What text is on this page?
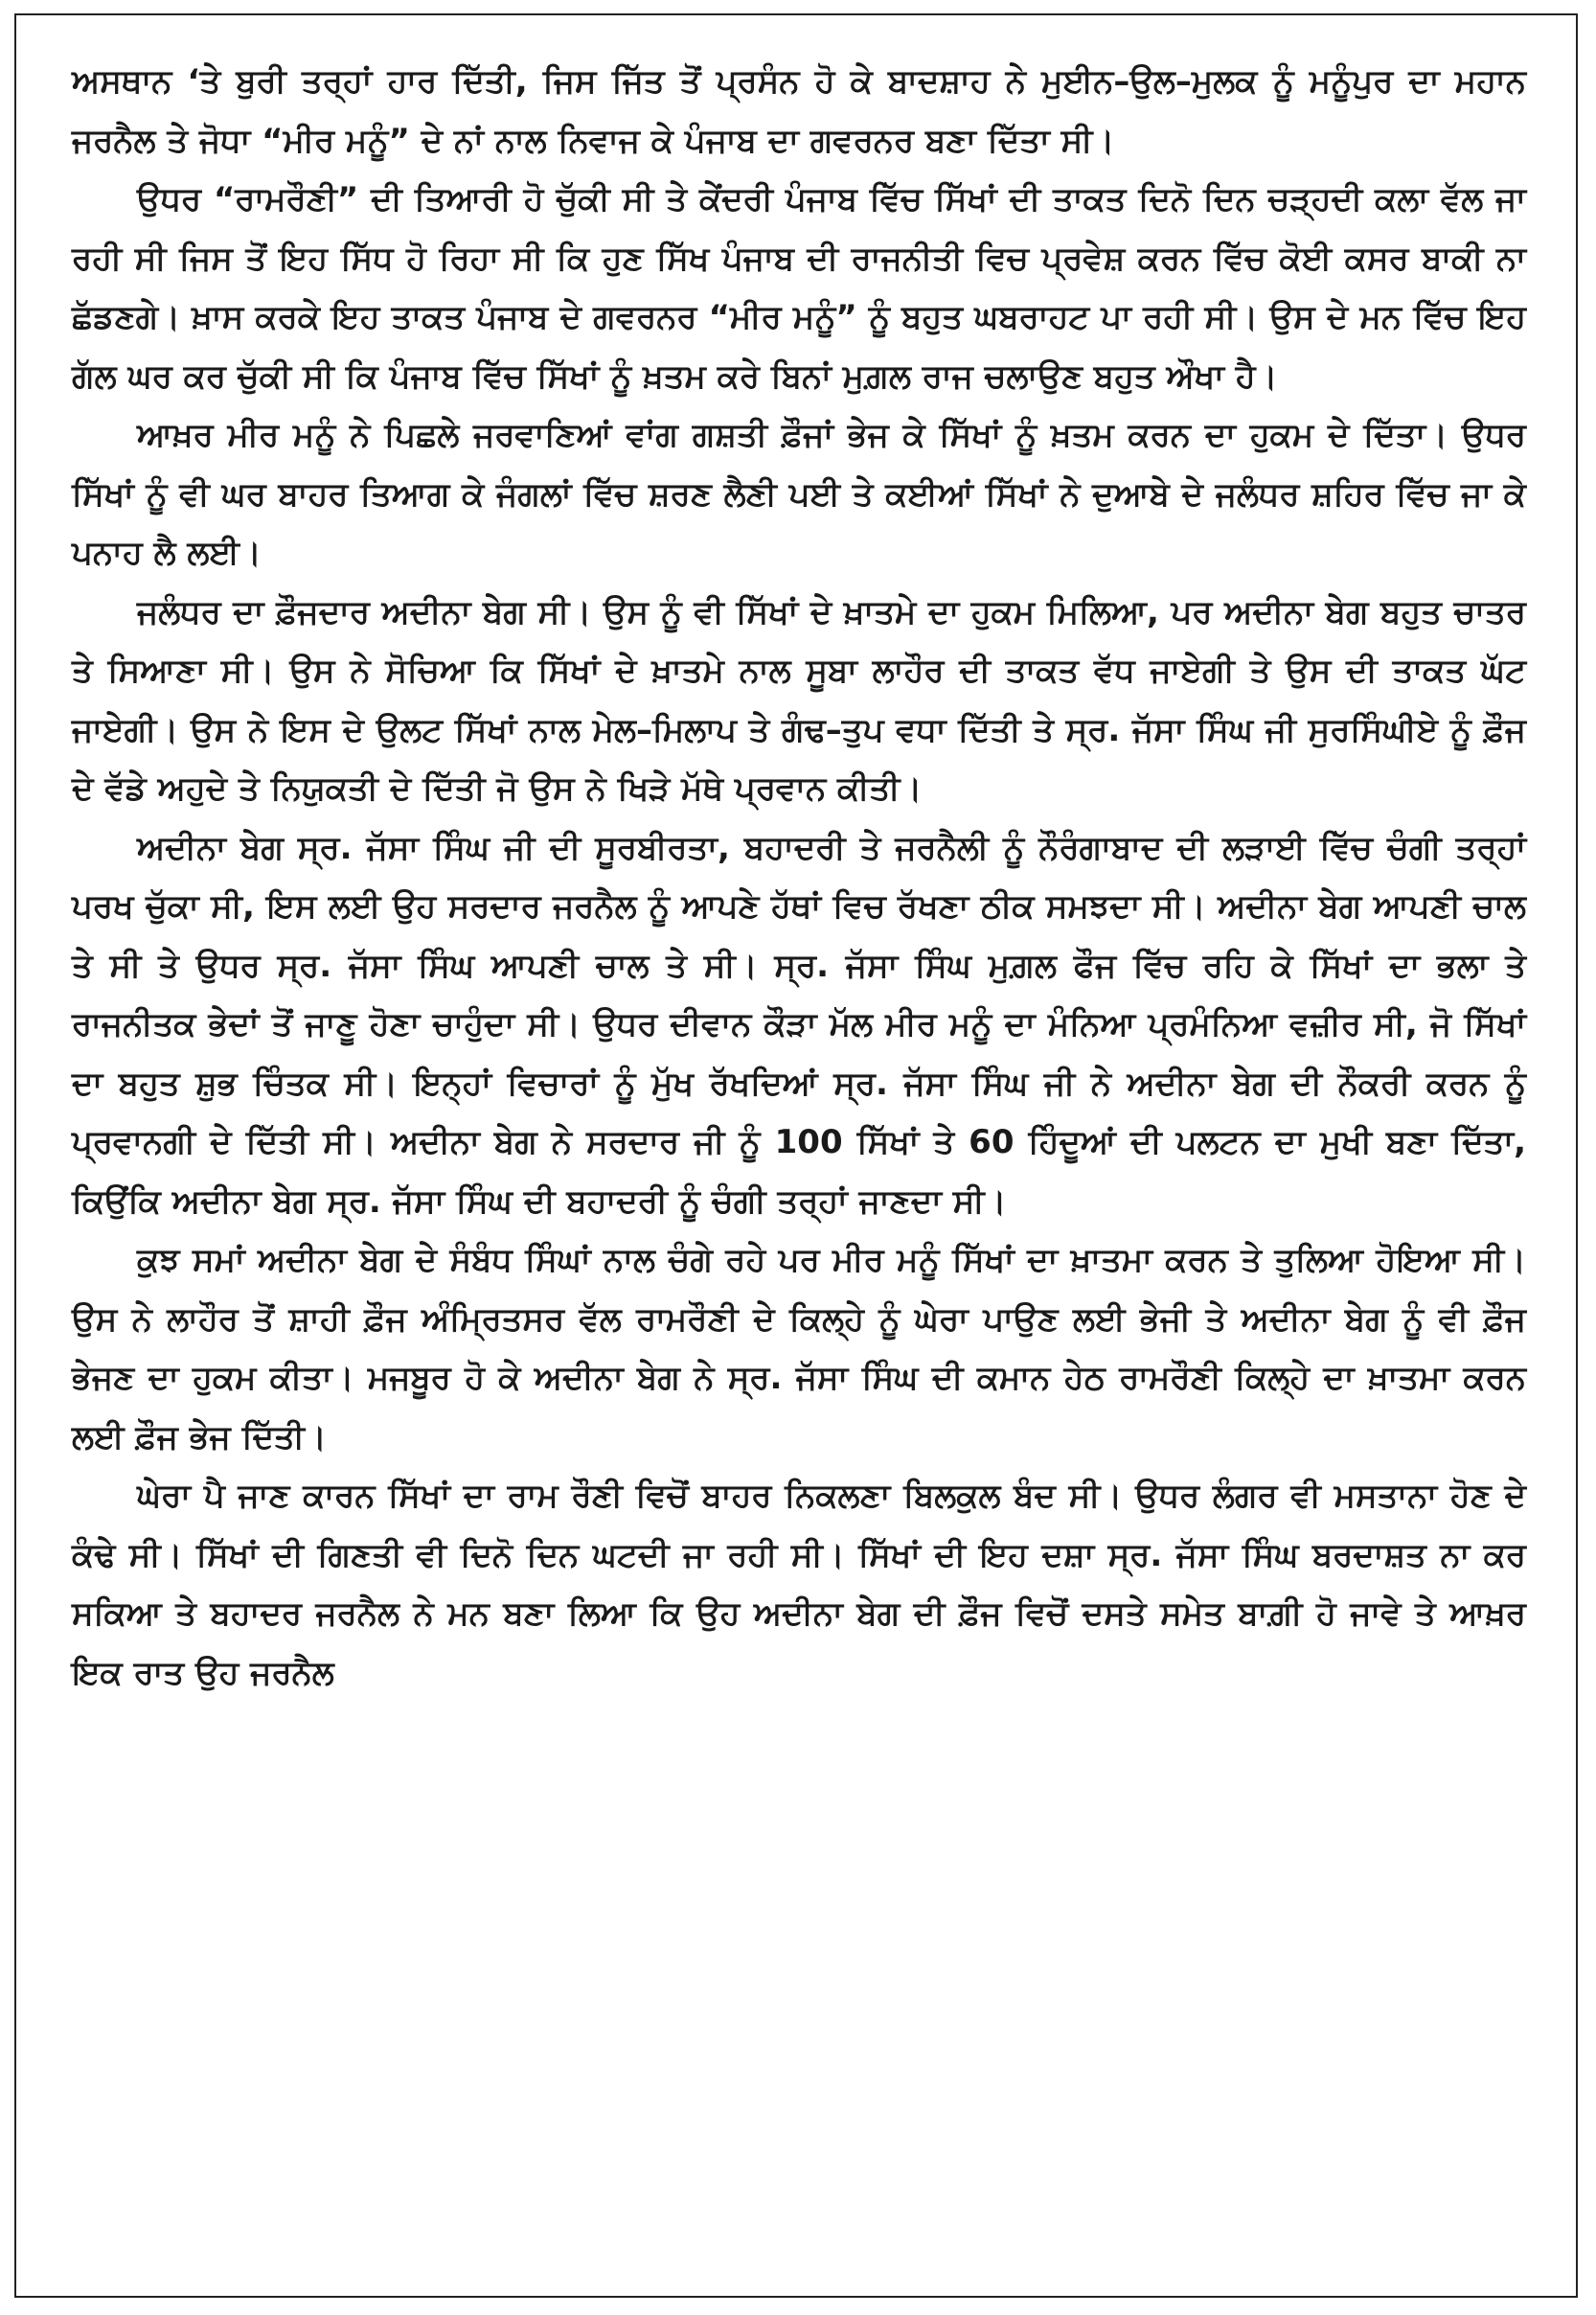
ਅਸਥਾਨ ‘ਤੇ ਬੁਰੀ ਤਰ੍ਹਾਂ ਹਾਰ ਦਿੱਤੀ, ਜਿਸ ਜਿੱਤ ਤੋਂ ਪ੍ਰਸੰਨ ਹੋ ਕੇ ਬਾਦਸ਼ਾਹ ਨੇ ਮੁਈਨ–ਉਲ–ਮੁਲਕ ਨੂੰ ਮਨੂੰਪੁਰ ਦਾ ਮਹਾਨ ਜਰਨੈਲ ਤੇ ਜੋਧਾ “ਮੀਰ ਮਨੂੰ” ਦੇ ਨਾਂ ਨਾਲ ਨਿਵਾਜ ਕੇ ਪੰਜਾਬ ਦਾ ਗਵਰਨਰ ਬਣਾ ਦਿੱਤਾ ਸੀ।

ਉਧਰ “ਰਾਮਰੌਣੀ” ਦੀ ਤਿਆਰੀ ਹੋ ਚੁੱਕੀ ਸੀ ਤੇ ਕੇਂਦਰੀ ਪੰਜਾਬ ਵਿੱਚ ਸਿੱਖਾਂ ਦੀ ਤਾਕਤ ਦਿਨੋ ਦਿਨ ਚੜ੍ਹਦੀ ਕਲਾ ਵੱਲ ਜਾ ਰਹੀ ਸੀ ਜਿਸ ਤੋਂ ਇਹ ਸਿੱਧ ਹੋ ਰਿਹਾ ਸੀ ਕਿ ਹੁਣ ਸਿੱਖ ਪੰਜਾਬ ਦੀ ਰਾਜਨੀਤੀ ਵਿਚ ਪ੍ਰਵੇਸ਼ ਕਰਨ ਵਿੱਚ ਕੋਈ ਕਸਰ ਬਾਕੀ ਨਾ ਛੱਡਣਗੇ। ਖ਼ਾਸ ਕਰਕੇ ਇਹ ਤਾਕਤ ਪੰਜਾਬ ਦੇ ਗਵਰਨਰ “ਮੀਰ ਮਨੂੰ” ਨੂੰ ਬਹੁਤ ਘਬਰਾਹਟ ਪਾ ਰਹੀ ਸੀ। ਉਸ ਦੇ ਮਨ ਵਿੱਚ ਇਹ ਗੱਲ ਘਰ ਕਰ ਚੁੱਕੀ ਸੀ ਕਿ ਪੰਜਾਬ ਵਿੱਚ ਸਿੱਖਾਂ ਨੂੰ ਖ਼ਤਮ ਕਰੇ ਬਿਨਾਂ ਮੁਗ਼ਲ ਰਾਜ ਚਲਾਉਣ ਬਹੁਤ ਔਖਾ ਹੈ।

ਆਖ਼ਰ ਮੀਰ ਮਨੂੰ ਨੇ ਪਿਛਲੇ ਜਰਵਾਣਿਆਂ ਵਾਂਗ ਗਸ਼ਤੀ ਫ਼ੌਜਾਂ ਭੇਜ ਕੇ ਸਿੱਖਾਂ ਨੂੰ ਖ਼ਤਮ ਕਰਨ ਦਾ ਹੁਕਮ ਦੇ ਦਿੱਤਾ। ਉਧਰ ਸਿੱਖਾਂ ਨੂੰ ਵੀ ਘਰ ਬਾਹਰ ਤਿਆਗ ਕੇ ਜੰਗਲਾਂ ਵਿੱਚ ਸ਼ਰਣ ਲੈਣੀ ਪਈ ਤੇ ਕਈਆਂ ਸਿੱਖਾਂ ਨੇ ਦੁਆਬੇ ਦੇ ਜਲੰਧਰ ਸ਼ਹਿਰ ਵਿੱਚ ਜਾ ਕੇ ਪਨਾਹ ਲੈ ਲਈ।

ਜਲੰਧਰ ਦਾ ਫ਼ੌਜਦਾਰ ਅਦੀਨਾ ਬੇਗ ਸੀ। ਉਸ ਨੂੰ ਵੀ ਸਿੱਖਾਂ ਦੇ ਖ਼ਾਤਮੇ ਦਾ ਹੁਕਮ ਮਿਲਿਆ, ਪਰ ਅਦੀਨਾ ਬੇਗ ਬਹੁਤ ਚਾਤਰ ਤੇ ਸਿਆਣਾ ਸੀ। ਉਸ ਨੇ ਸੋਚਿਆ ਕਿ ਸਿੱਖਾਂ ਦੇ ਖ਼ਾਤਮੇ ਨਾਲ ਸੂਬਾ ਲਾਹੌਰ ਦੀ ਤਾਕਤ ਵੱਧ ਜਾਏਗੀ ਤੇ ਉਸ ਦੀ ਤਾਕਤ ਘੱਟ ਜਾਏਗੀ। ਉਸ ਨੇ ਇਸ ਦੇ ਉਲਟ ਸਿੱਖਾਂ ਨਾਲ ਮੇਲ–ਮਿਲਾਪ ਤੇ ਗੰਢ–ਤੁਪ ਵਧਾ ਦਿੱਤੀ ਤੇ ਸ੍ਰ. ਜੱਸਾ ਸਿੰਘ ਜੀ ਸੁਰਸਿੰਘੀਏ ਨੂੰ ਫ਼ੌਜ ਦੇ ਵੱਡੇ ਅਹੁਦੇ ਤੇ ਨਿਯੁਕਤੀ ਦੇ ਦਿੱਤੀ ਜੋ ਉਸ ਨੇ ਖਿੜੇ ਮੱਥੇ ਪ੍ਰਵਾਨ ਕੀਤੀ।

ਅਦੀਨਾ ਬੇਗ ਸ੍ਰ. ਜੱਸਾ ਸਿੰਘ ਜੀ ਦੀ ਸੂਰਬੀਰਤਾ, ਬਹਾਦਰੀ ਤੇ ਜਰਨੈਲੀ ਨੂੰ ਨੌਰੰਗਾਬਾਦ ਦੀ ਲੜਾਈ ਵਿੱਚ ਚੰਗੀ ਤਰ੍ਹਾਂ ਪਰਖ ਚੁੱਕਾ ਸੀ, ਇਸ ਲਈ ਉਹ ਸਰਦਾਰ ਜਰਨੈਲ ਨੂੰ ਆਪਣੇ ਹੱਥਾਂ ਵਿਚ ਰੱਖਣਾ ਠੀਕ ਸਮਝਦਾ ਸੀ। ਅਦੀਨਾ ਬੇਗ ਆਪਣੀ ਚਾਲ ਤੇ ਸੀ ਤੇ ਉਧਰ ਸ੍ਰ. ਜੱਸਾ ਸਿੰਘ ਆਪਣੀ ਚਾਲ ਤੇ ਸੀ। ਸ੍ਰ. ਜੱਸਾ ਸਿੰਘ ਮੁਗ਼ਲ ਫੌਜ ਵਿੱਚ ਰਹਿ ਕੇ ਸਿੱਖਾਂ ਦਾ ਭਲਾ ਤੇ ਰਾਜਨੀਤਕ ਭੇਦਾਂ ਤੋਂ ਜਾਣੂ ਹੋਣਾ ਚਾਹੁੰਦਾ ਸੀ। ਉਧਰ ਦੀਵਾਨ ਕੌੜਾ ਮੱਲ ਮੀਰ ਮਨੂੰ ਦਾ ਮੰਨਿਆ ਪ੍ਰਮੰਨਿਆ ਵਜ਼ੀਰ ਸੀ, ਜੋ ਸਿੱਖਾਂ ਦਾ ਬਹੁਤ ਸ਼ੁਭ ਚਿੰਤਕ ਸੀ। ਇਨ੍ਹਾਂ ਵਿਚਾਰਾਂ ਨੂੰ ਮੁੱਖ ਰੱਖਦਿਆਂ ਸ੍ਰ. ਜੱਸਾ ਸਿੰਘ ਜੀ ਨੇ ਅਦੀਨਾ ਬੇਗ ਦੀ ਨੌਕਰੀ ਕਰਨ ਨੂੰ ਪ੍ਰਵਾਨਗੀ ਦੇ ਦਿੱਤੀ ਸੀ। ਅਦੀਨਾ ਬੇਗ ਨੇ ਸਰਦਾਰ ਜੀ ਨੂੰ 100 ਸਿੱਖਾਂ ਤੇ 60 ਹਿੰਦੂਆਂ ਦੀ ਪਲਟਨ ਦਾ ਮੁਖੀ ਬਣਾ ਦਿੱਤਾ, ਕਿਉਂਕਿ ਅਦੀਨਾ ਬੇਗ ਸ੍ਰ. ਜੱਸਾ ਸਿੰਘ ਦੀ ਬਹਾਦਰੀ ਨੂੰ ਚੰਗੀ ਤਰ੍ਹਾਂ ਜਾਣਦਾ ਸੀ।

ਕੁਝ ਸਮਾਂ ਅਦੀਨਾ ਬੇਗ ਦੇ ਸੰਬੰਧ ਸਿੰਘਾਂ ਨਾਲ ਚੰਗੇ ਰਹੇ ਪਰ ਮੀਰ ਮਨੂੰ ਸਿੱਖਾਂ ਦਾ ਖ਼ਾਤਮਾ ਕਰਨ ਤੇ ਤੁਲਿਆ ਹੋਇਆ ਸੀ। ਉਸ ਨੇ ਲਾਹੌਰ ਤੋਂ ਸ਼ਾਹੀ ਫ਼ੌਜ ਅੰਮ੍ਰਿਤਸਰ ਵੱਲ ਰਾਮਰੌਣੀ ਦੇ ਕਿਲ੍ਹੇ ਨੂੰ ਘੇਰਾ ਪਾਉਣ ਲਈ ਭੇਜੀ ਤੇ ਅਦੀਨਾ ਬੇਗ ਨੂੰ ਵੀ ਫ਼ੌਜ ਭੇਜਣ ਦਾ ਹੁਕਮ ਕੀਤਾ। ਮਜਬੂਰ ਹੋ ਕੇ ਅਦੀਨਾ ਬੇਗ ਨੇ ਸ੍ਰ. ਜੱਸਾ ਸਿੰਘ ਦੀ ਕਮਾਨ ਹੇਠ ਰਾਮਰੌਣੀ ਕਿਲ੍ਹੇ ਦਾ ਖ਼ਾਤਮਾ ਕਰਨ ਲਈ ਫ਼ੌਜ ਭੇਜ ਦਿੱਤੀ।

ਘੇਰਾ ਪੈ ਜਾਣ ਕਾਰਨ ਸਿੱਖਾਂ ਦਾ ਰਾਮ ਰੌਣੀ ਵਿਚੋਂ ਬਾਹਰ ਨਿਕਲਣਾ ਬਿਲਕੁਲ ਬੰਦ ਸੀ। ਉਧਰ ਲੰਗਰ ਵੀ ਮਸਤਾਨਾ ਹੋਣ ਦੇ ਕੰਢੇ ਸੀ। ਸਿੱਖਾਂ ਦੀ ਗਿਣਤੀ ਵੀ ਦਿਨੋ ਦਿਨ ਘਟਦੀ ਜਾ ਰਹੀ ਸੀ। ਸਿੱਖਾਂ ਦੀ ਇਹ ਦਸ਼ਾ ਸ੍ਰ. ਜੱਸਾ ਸਿੰਘ ਬਰਦਾਸ਼ਤ ਨਾ ਕਰ ਸਕਿਆ ਤੇ ਬਹਾਦਰ ਜਰਨੈਲ ਨੇ ਮਨ ਬਣਾ ਲਿਆ ਕਿ ਉਹ ਅਦੀਨਾ ਬੇਗ ਦੀ ਫ਼ੌਜ ਵਿਚੋਂ ਦਸਤੇ ਸਮੇਤ ਬਾਗ਼ੀ ਹੋ ਜਾਵੇ ਤੇ ਆਖ਼ਰ ਇਕ ਰਾਤ ਉਹ ਜਰਨੈਲ
